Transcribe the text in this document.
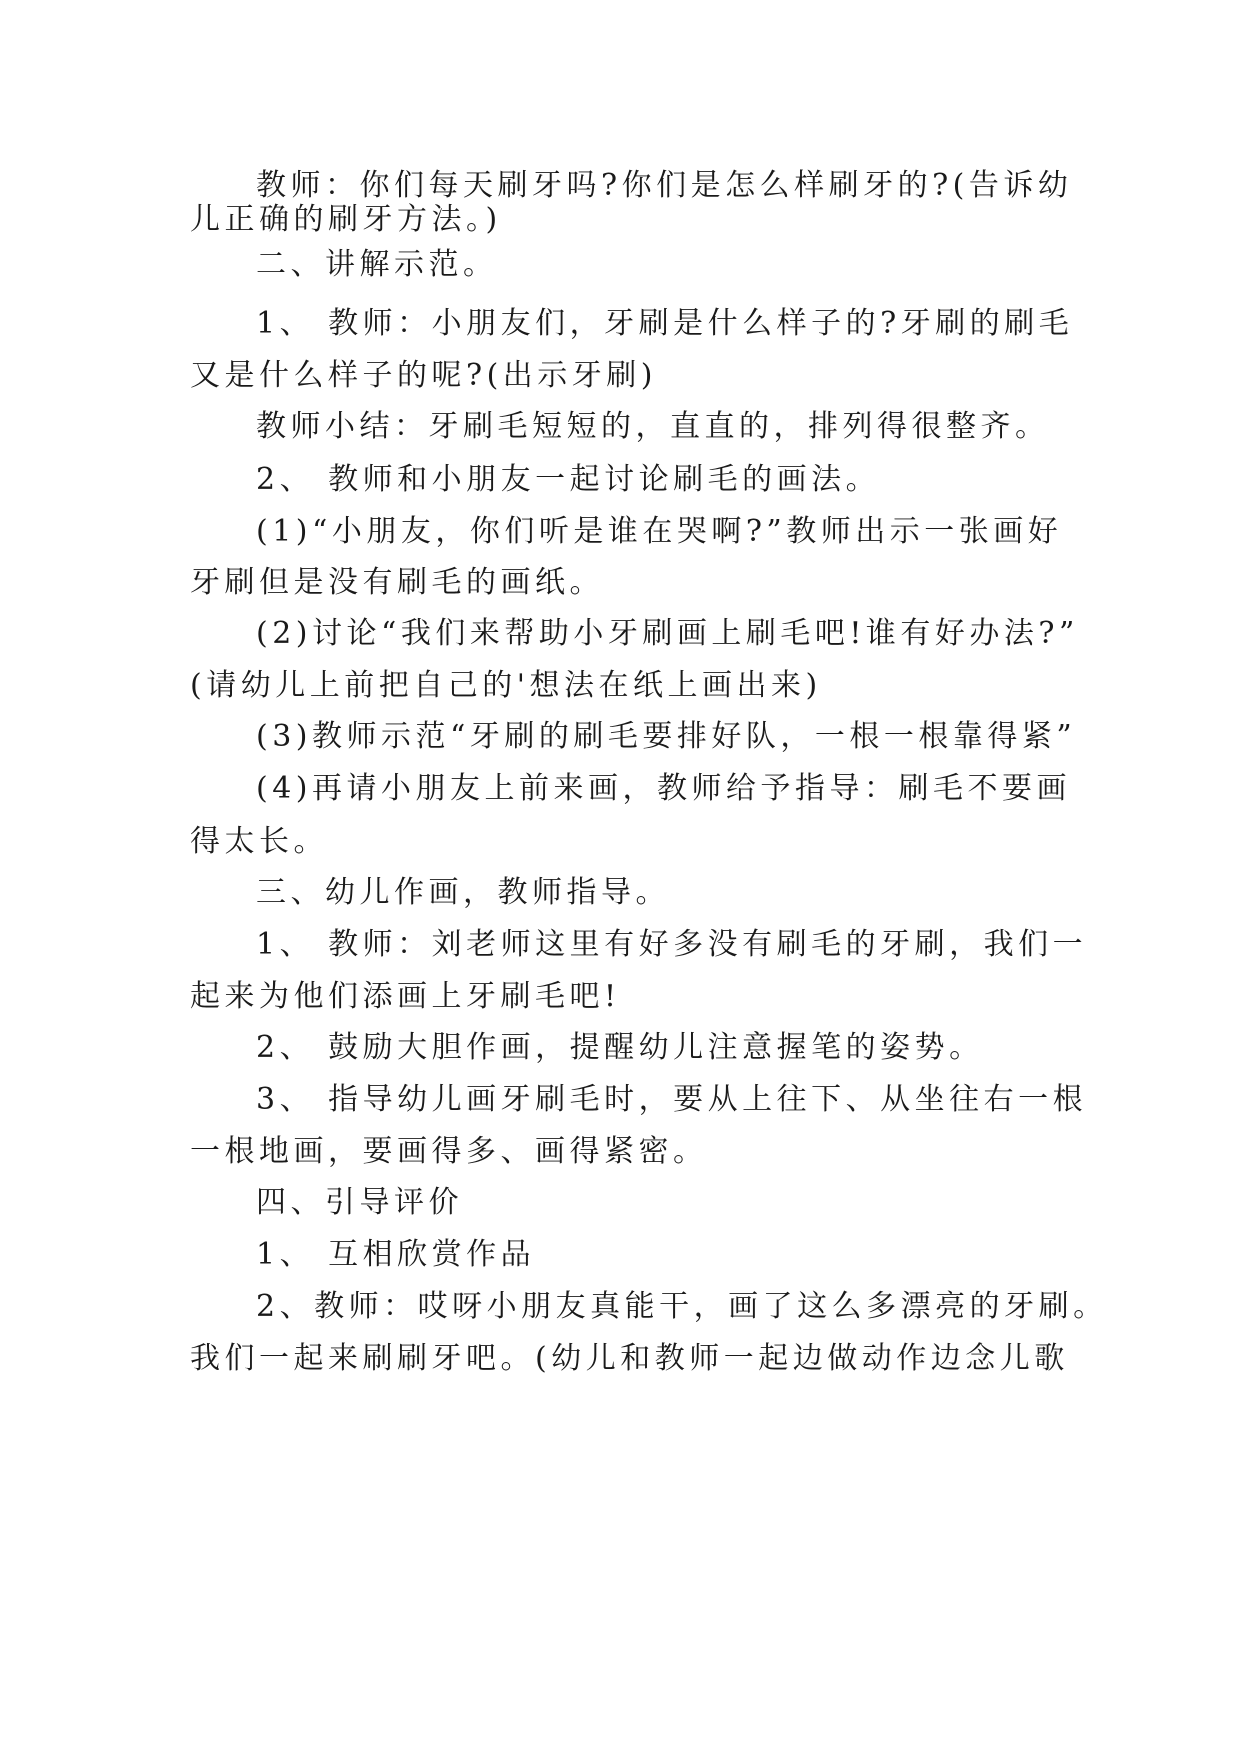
教师：你们每天刷牙吗?你们是怎么样刷牙的?(告诉幼
儿正确的刷牙方法。)
二、讲解示范。
1、 教师：小朋友们，牙刷是什么样子的?牙刷的刷毛
又是什么样子的呢?(出示牙刷)
教师小结：牙刷毛短短的，直直的，排列得很整齐。
2、 教师和小朋友一起讨论刷毛的画法。
(1)“小朋友，你们听是谁在哭啊?”教师出示一张画好
牙刷但是没有刷毛的画纸。
(2)讨论“我们来帮助小牙刷画上刷毛吧!谁有好办法?”
(请幼儿上前把自己的'想法在纸上画出来)
(3)教师示范“牙刷的刷毛要排好队，一根一根靠得紧”
(4)再请小朋友上前来画，教师给予指导：刷毛不要画
得太长。
三、幼儿作画，教师指导。
1、 教师：刘老师这里有好多没有刷毛的牙刷，我们一
起来为他们添画上牙刷毛吧!
2、 鼓励大胆作画，提醒幼儿注意握笔的姿势。
3、 指导幼儿画牙刷毛时，要从上往下、从坐往右一根
一根地画，要画得多、画得紧密。
四、引导评价
1、 互相欣赏作品
2、教师：哎呀小朋友真能干，画了这么多漂亮的牙刷。
我们一起来刷刷牙吧。(幼儿和教师一起边做动作边念儿歌
